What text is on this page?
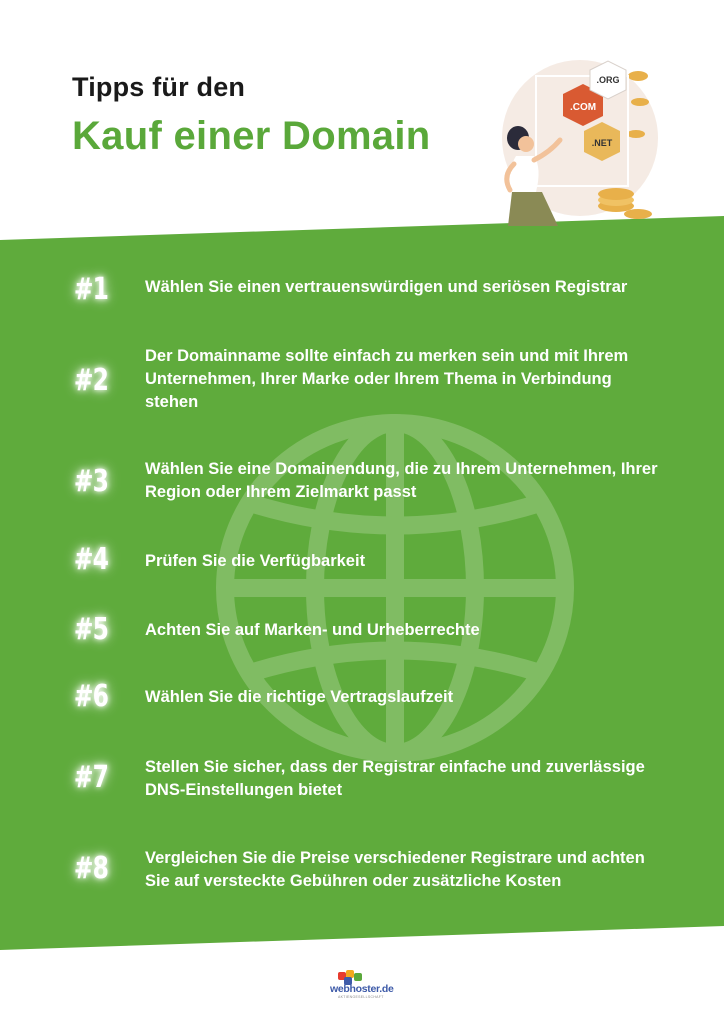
Tipps für den
Kauf einer Domain
.COM
.ORG
.NET
#1	Wählen Sie einen vertrauenswürdigen und seriösen Registrar
#2
Der Domainname sollte einfach zu merken sein und mit Ihrem Unternehmen, Ihrer Marke oder Ihrem Thema in Verbindung stehen
#3	Wählen Sie eine Domainendung, die zu Ihrem Unternehmen, Ihrer Region oder Ihrem Zielmarkt passt
#4	Prüfen Sie die Verfügbarkeit
#5	Achten Sie auf Marken- und Urheberrechte
#6	Wählen Sie die richtige Vertragslaufzeit
#7	Stellen Sie sicher, dass der Registrar einfache und zuverlässige DNS-Einstellungen bietet
#8	Vergleichen Sie die Preise verschiedener Registrare und achten Sie auf versteckte Gebühren oder zusätzliche Kosten
webhoster.de
AKTIENGESELLSCHAFT
